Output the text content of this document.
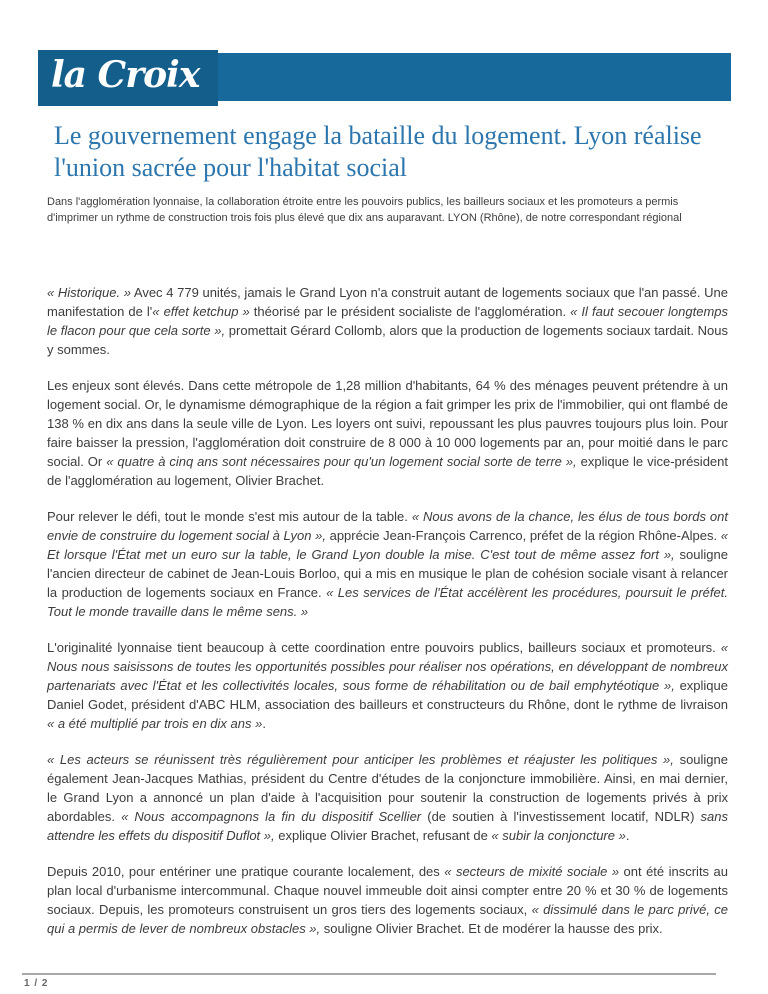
la Croix
Le gouvernement engage la bataille du logement. Lyon réalise l'union sacrée pour l'habitat social

Dans l'agglomération lyonnaise, la collaboration étroite entre les pouvoirs publics, les bailleurs sociaux et les promoteurs a permis d'imprimer un rythme de construction trois fois plus élevé que dix ans auparavant. LYON (Rhône), de notre correspondant régional

« Historique. » Avec 4 779 unités, jamais le Grand Lyon n'a construit autant de logements sociaux que l'an passé. Une manifestation de l'« effet ketchup » théorisé par le président socialiste de l'agglomération. « Il faut secouer longtemps le flacon pour que cela sorte », promettait Gérard Collomb, alors que la production de logements sociaux tardait. Nous y sommes.

Les enjeux sont élevés. Dans cette métropole de 1,28 million d'habitants, 64 % des ménages peuvent prétendre à un logement social. Or, le dynamisme démographique de la région a fait grimper les prix de l'immobilier, qui ont flambé de 138 % en dix ans dans la seule ville de Lyon. Les loyers ont suivi, repoussant les plus pauvres toujours plus loin. Pour faire baisser la pression, l'agglomération doit construire de 8 000 à 10 000 logements par an, pour moitié dans le parc social. Or « quatre à cinq ans sont nécessaires pour qu'un logement social sorte de terre », explique le vice-président de l'agglomération au logement, Olivier Brachet.

Pour relever le défi, tout le monde s'est mis autour de la table. « Nous avons de la chance, les élus de tous bords ont envie de construire du logement social à Lyon », apprécie Jean-François Carrenco, préfet de la région Rhône-Alpes. « Et lorsque l'État met un euro sur la table, le Grand Lyon double la mise. C'est tout de même assez fort », souligne l'ancien directeur de cabinet de Jean-Louis Borloo, qui a mis en musique le plan de cohésion sociale visant à relancer la production de logements sociaux en France. « Les services de l'État accélèrent les procédures, poursuit le préfet. Tout le monde travaille dans le même sens. »

L'originalité lyonnaise tient beaucoup à cette coordination entre pouvoirs publics, bailleurs sociaux et promoteurs. « Nous nous saisissons de toutes les opportunités possibles pour réaliser nos opérations, en développant de nombreux partenariats avec l'État et les collectivités locales, sous forme de réhabilitation ou de bail emphytéotique », explique Daniel Godet, président d'ABC HLM, association des bailleurs et constructeurs du Rhône, dont le rythme de livraison « a été multiplié par trois en dix ans ».

« Les acteurs se réunissent très régulièrement pour anticiper les problèmes et réajuster les politiques », souligne également Jean-Jacques Mathias, président du Centre d'études de la conjoncture immobilière. Ainsi, en mai dernier, le Grand Lyon a annoncé un plan d'aide à l'acquisition pour soutenir la construction de logements privés à prix abordables. « Nous accompagnons la fin du dispositif Scellier (de soutien à l'investissement locatif, NDLR) sans attendre les effets du dispositif Duflot », explique Olivier Brachet, refusant de « subir la conjoncture ».

Depuis 2010, pour entériner une pratique courante localement, des « secteurs de mixité sociale » ont été inscrits au plan local d'urbanisme intercommunal. Chaque nouvel immeuble doit ainsi compter entre 20 % et 30 % de logements sociaux. Depuis, les promoteurs construisent un gros tiers des logements sociaux, « dissimulé dans le parc privé, ce qui a permis de lever de nombreux obstacles », souligne Olivier Brachet. Et de modérer la hausse des prix.

1 / 2
